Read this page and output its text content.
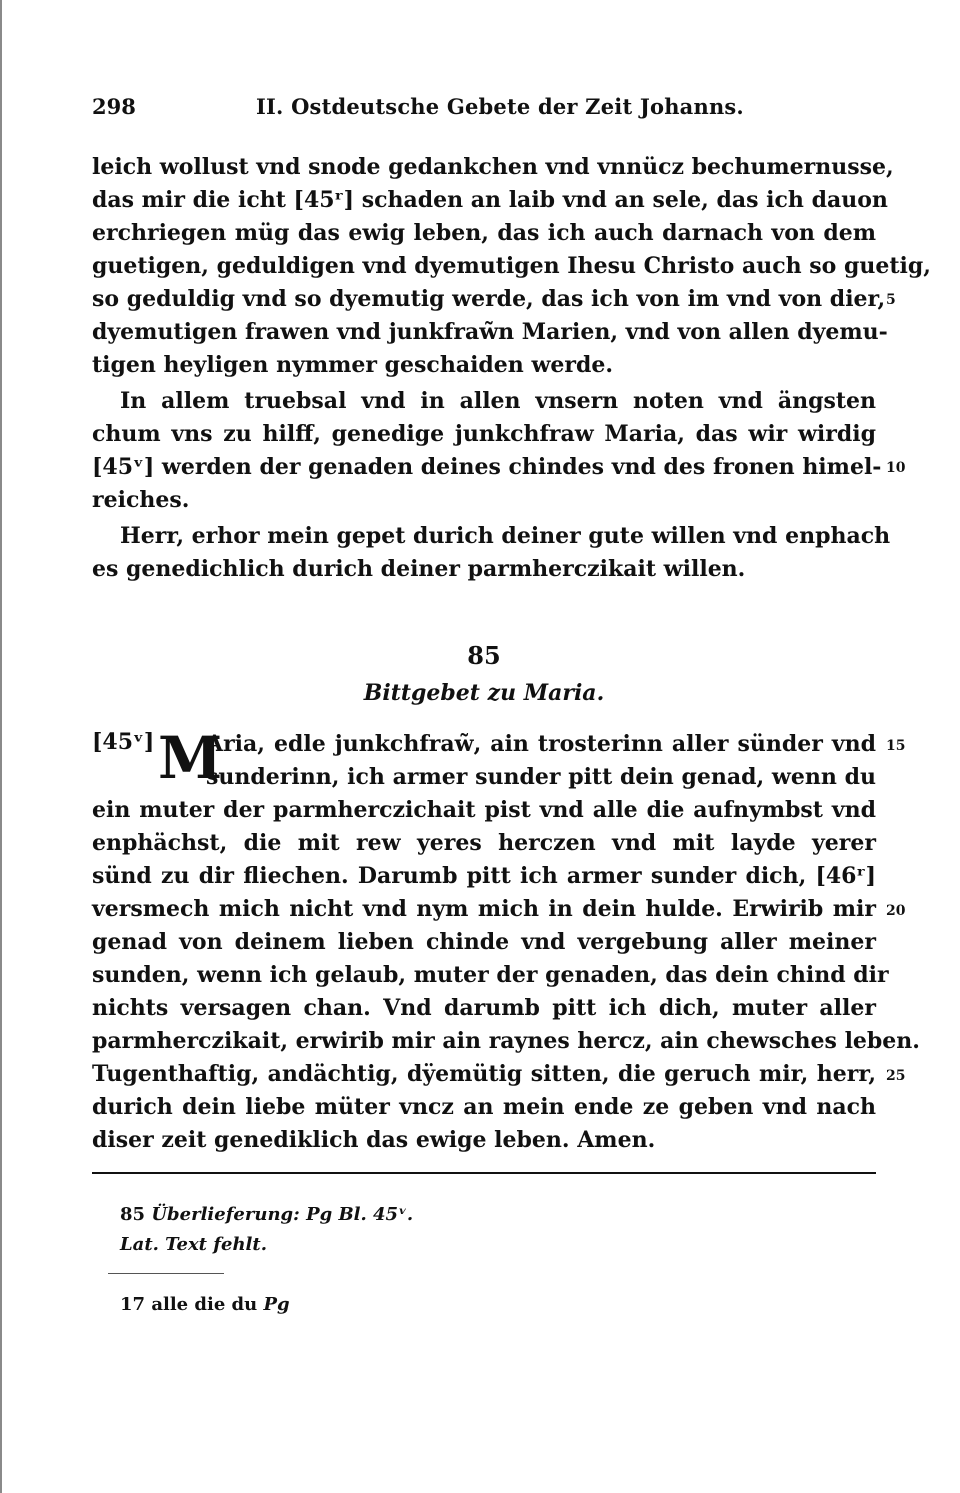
298	II. Ostdeutsche Gebete der Zeit Johanns.
leich wollust vnd snode gedankchen vnd vnnücz bechumernusse,
das mir die icht [45ʳ] schaden an laib vnd an sele, das ich dauon
erchriegen müg das ewig leben, das ich auch darnach von dem
guetigen, geduldigen vnd dyemutigen Ihesu Christo auch so guetig,
so geduldig vnd so dyemutig werde, das ich von im vnd von dier,
dyemutigen frawen vnd junkfraw̃n Marien, vnd von allen dyemu-
tigen heyligen nymmer geschaiden werde.
In allem truebsal vnd in allen vnsern noten vnd ängsten
chum vns zu hilff, genedige junkchfraw Maria, das wir wirdig
[45ᵛ] werden der genaden deines chindes vnd des fronen himel-
reiches.
Herr, erhor mein gepet durich deiner gute willen vnd enphach
es genedichlich durich deiner parmherczikait willen.
5
10
85
Bittgebet zu Maria.
[45ᵛ] M
Aria, edle junkchfraw̃, ain trosterinn aller sünder vnd
sunderinn, ich armer sunder pitt dein genad, wenn du
ein muter der parmherczichait pist vnd alle die aufnymbst vnd
enphächst, die mit rew yeres herczen vnd mit layde yerer
sünd zu dir fliechen. Darumb pitt ich armer sunder dich, [46ʳ]
versmech mich nicht vnd nym mich in dein hulde. Erwirib mir
genad von deinem lieben chinde vnd vergebung aller meiner
sunden, wenn ich gelaub, muter der genaden, das dein chind dir
nichts versagen chan. Vnd darumb pitt ich dich, muter aller
parmherczikait, erwirib mir ain raynes hercz, ain chewsches leben.
Tugenthaftig, andächtig, dÿemütig sitten, die geruch mir, herr,
durich dein liebe müter vncz an mein ende ze geben vnd nach
diser zeit genediklich das ewige leben. Amen.
15
20
25
85 Überlieferung: Pg Bl. 45ᵛ.
Lat. Text fehlt.
17 alle die du Pg
